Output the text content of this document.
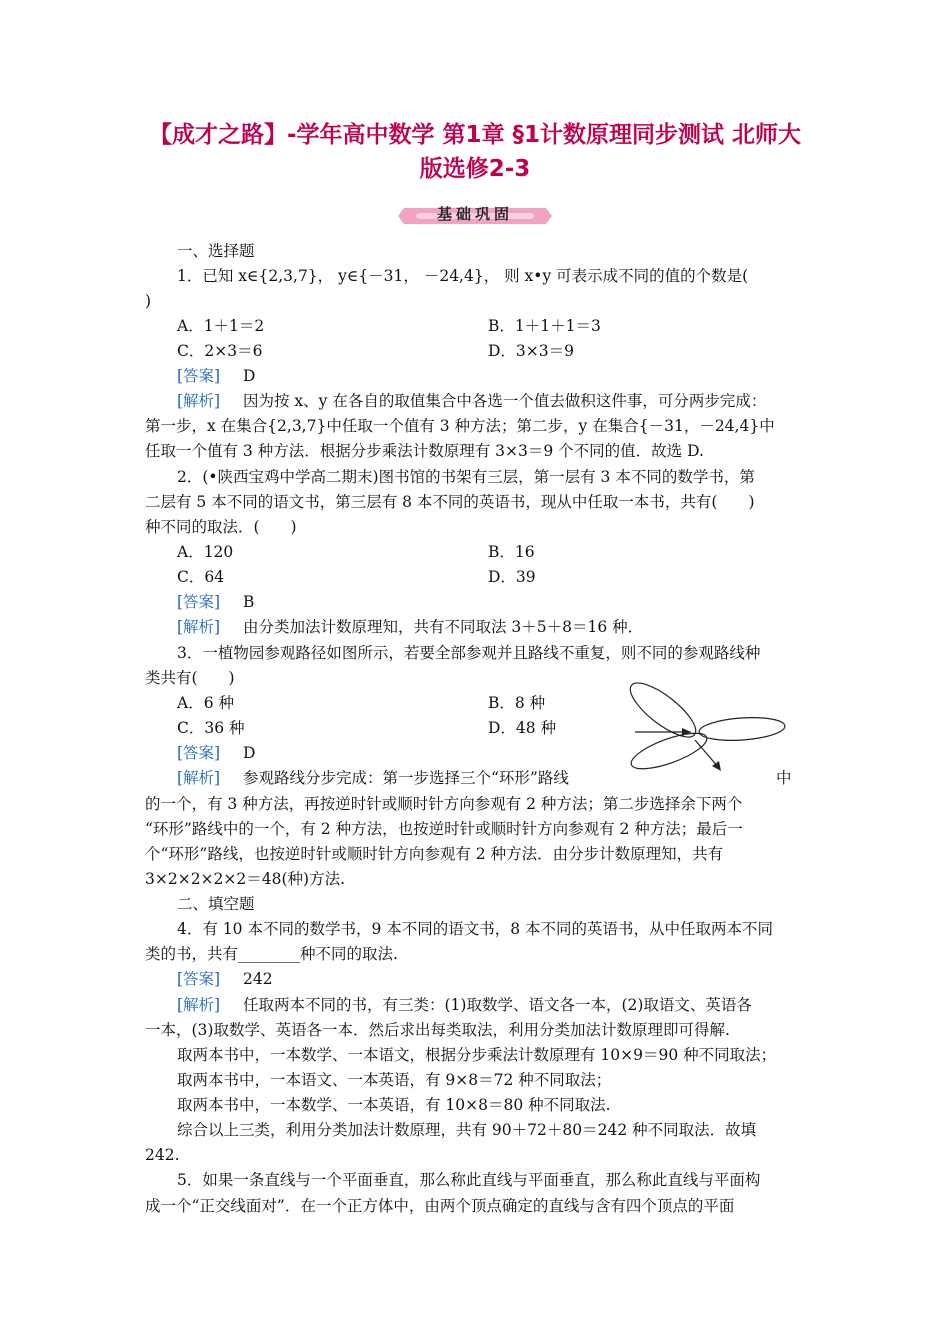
【成才之路】-学年高中数学 第1章 §1计数原理同步测试 北师大
版选修2-3
基础巩固
一、选择题
1．已知 x∈{2,3,7}， y∈{－31， －24,4}， 则 x•y 可表示成不同的值的个数是(
)
A．1＋1＝2	B．1＋1＋1＝3
C．2×3＝6	D．3×3＝9
[答案] D
[解析] 因为按 x、y 在各自的取值集合中各选一个值去做积这件事，可分两步完成：
第一步，x 在集合{2,3,7}中任取一个值有 3 种方法；第二步，y 在集合{－31，－24,4}中
任取一个值有 3 种方法．根据分步乘法计数原理有 3×3＝9 个不同的值．故选 D.
2．(•陕西宝鸡中学高二期末)图书馆的书架有三层，第一层有 3 本不同的数学书，第
二层有 5 本不同的语文书，第三层有 8 本不同的英语书，现从中任取一本书，共有(　　)
种不同的取法．(　　)
A．120	B．16
C．64	D．39
[答案] B
[解析] 由分类加法计数原理知，共有不同取法 3＋5＋8＝16 种．
3．一植物园参观路径如图所示，若要全部参观并且路线不重复，则不同的参观路线种
类共有(　　)
A．6 种	B．8 种
C．36 种	D．48 种
[答案] D
[解析] 参观路线分步完成：第一步选择三个“环形”路线	中
的一个，有 3 种方法，再按逆时针或顺时针方向参观有 2 种方法；第二步选择余下两个
“环形”路线中的一个，有 2 种方法，也按逆时针或顺时针方向参观有 2 种方法；最后一
个“环形”路线，也按逆时针或顺时针方向参观有 2 种方法．由分步计数原理知，共有
3×2×2×2×2＝48(种)方法.
二、填空题
4．有 10 本不同的数学书，9 本不同的语文书，8 本不同的英语书，从中任取两本不同
类的书，共有________种不同的取法.
[答案] 242
[解析] 任取两本不同的书，有三类：(1)取数学、语文各一本，(2)取语文、英语各
一本，(3)取数学、英语各一本．然后求出每类取法，利用分类加法计数原理即可得解.
取两本书中，一本数学、一本语文，根据分步乘法计数原理有 10×9＝90 种不同取法；
取两本书中，一本语文、一本英语，有 9×8＝72 种不同取法；
取两本书中，一本数学、一本英语，有 10×8＝80 种不同取法.
综合以上三类，利用分类加法计数原理，共有 90＋72＋80＝242 种不同取法．故填
242.
5．如果一条直线与一个平面垂直，那么称此直线与平面垂直，那么称此直线与平面构
成一个“正交线面对”．在一个正方体中，由两个顶点确定的直线与含有四个顶点的平面
